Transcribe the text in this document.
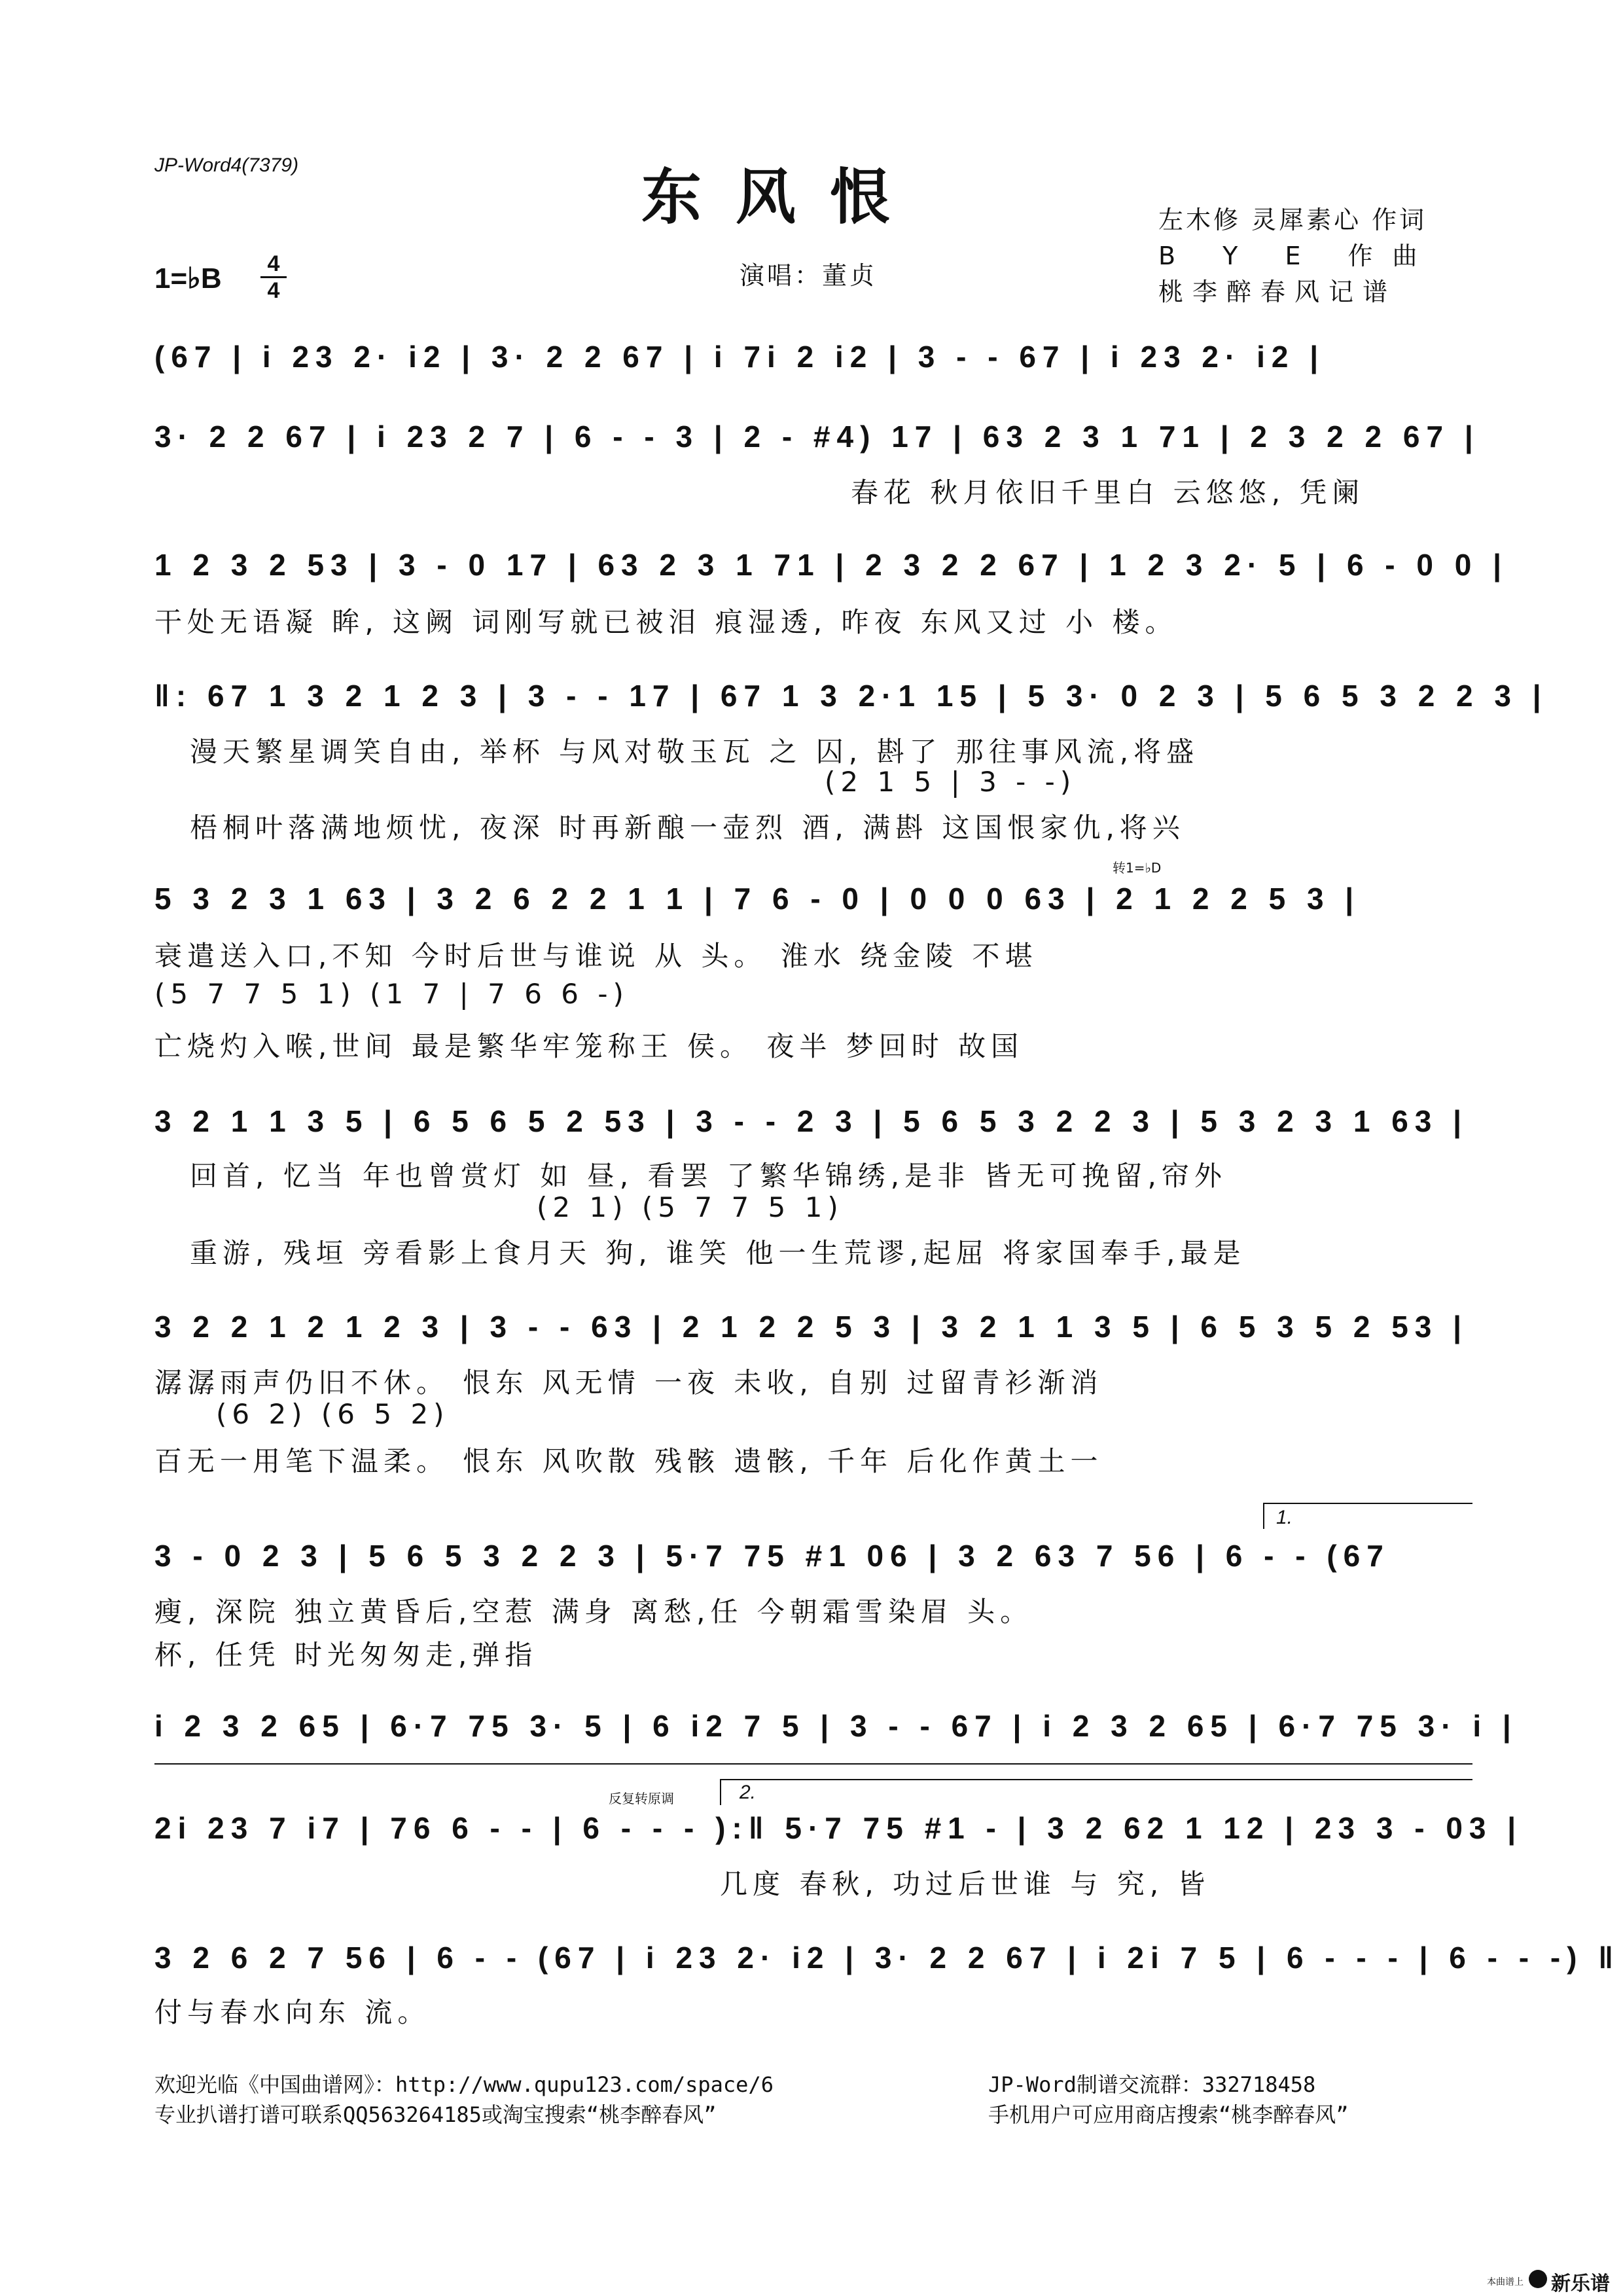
JP-Word4(7379)	东风恨
演唱：董贞
1=♭B	4
4
左木修 灵犀素心 作词
B Y E 作曲
桃李醉春风记谱
(67 | i 23 2· i2 | 3· 2 2 67 | i 7i 2 i2 | 3 - - 67 | i 23 2· i2 |
3· 2 2 67 | i 23 2 7 | 6 - - 3 | 2 - #4) 17 | 63 2 3 1 71 | 2 3 2 2 67 |
春花 秋月依旧千里白 云悠悠, 凭阑
1 2 3 2 53 | 3 - 0 17 | 63 2 3 1 71 | 2 3 2 2 67 | 1 2 3 2· 5 | 6 - 0 0 |
干处无语凝 眸, 这阙 词刚写就已被泪 痕湿透, 昨夜 东风又过 小 楼。
‖: 67 1 3 2 1 2 3 | 3 - - 17 | 67 1 3 2·1 15 | 5 3· 0 2 3 | 5 6 5 3 2 2 3 |
漫天繁星调笑自由, 举杯 与风对敬玉瓦 之 囚, 斟了 那往事风流,将盛
(2 1 5 | 3 - -)
梧桐叶落满地烦忧, 夜深 时再新酿一壶烈 酒, 满斟 这国恨家仇,将兴
转1=♭D
5 3 2 3 1 63 | 3 2 6 2 2 1 1 | 7 6 - 0 | 0 0 0 63 | 2 1 2 2 5 3 |
衰遣送入口,不知 今时后世与谁说 从 头。 淮水 绕金陵 不堪
(5 7 7 5 1) (1 7 | 7 6 6 -)
亡烧灼入喉,世间 最是繁华牢笼称王 侯。 夜半 梦回时 故国
3 2 1 1 3 5 | 6 5 6 5 2 53 | 3 - - 2 3 | 5 6 5 3 2 2 3 | 5 3 2 3 1 63 |
回首, 忆当 年也曾赏灯 如 昼, 看罢 了繁华锦绣,是非 皆无可挽留,帘外
(2 1) (5 7 7 5 1)
重游, 残垣 旁看影上食月天 狗, 谁笑 他一生荒谬,起屈 将家国奉手,最是
3 2 2 1 2 1 2 3 | 3 - - 63 | 2 1 2 2 5 3 | 3 2 1 1 3 5 | 6 5 3 5 2 53 |
潺潺雨声仍旧不休。 恨东 风无情 一夜 未收, 自别 过留青衫渐消
(6 2) (6 5 2)
百无一用笔下温柔。 恨东 风吹散 残骸 遗骸, 千年 后化作黄土一
1.
3 - 0 2 3 | 5 6 5 3 2 2 3 | 5·7 75 #1 06 | 3 2 63 7 56 | 6 - - (67
瘦, 深院 独立黄昏后,空惹 满身 离愁,任 今朝霜雪染眉 头。
杯, 任凭 时光匆匆走,弹指
i 2 3 2 65 | 6·7 75 3· 5 | 6 i2 7 5 | 3 - - 67 | i 2 3 2 65 | 6·7 75 3· i |
反复转原调	2.
2i 23 7 i7 | 76 6 - - | 6 - - - ):‖ 5·7 75 #1 - | 3 2 62 1 12 | 23 3 - 03 |
几度 春秋, 功过后世谁 与 究, 皆
3 2 6 2 7 56 | 6 - - (67 | i 23 2· i2 | 3· 2 2 67 | i 2i 7 5 | 6 - - - | 6 - - -) ‖
付与春水向东 流。
欢迎光临《中国曲谱网》：http://www.qupu123.com/space/6
专业扒谱打谱可联系QQ563264185或淘宝搜索“桃李醉春风”
JP-Word制谱交流群：332718458
手机用户可应用商店搜索“桃李醉春风”
本曲谱上 新乐谱
